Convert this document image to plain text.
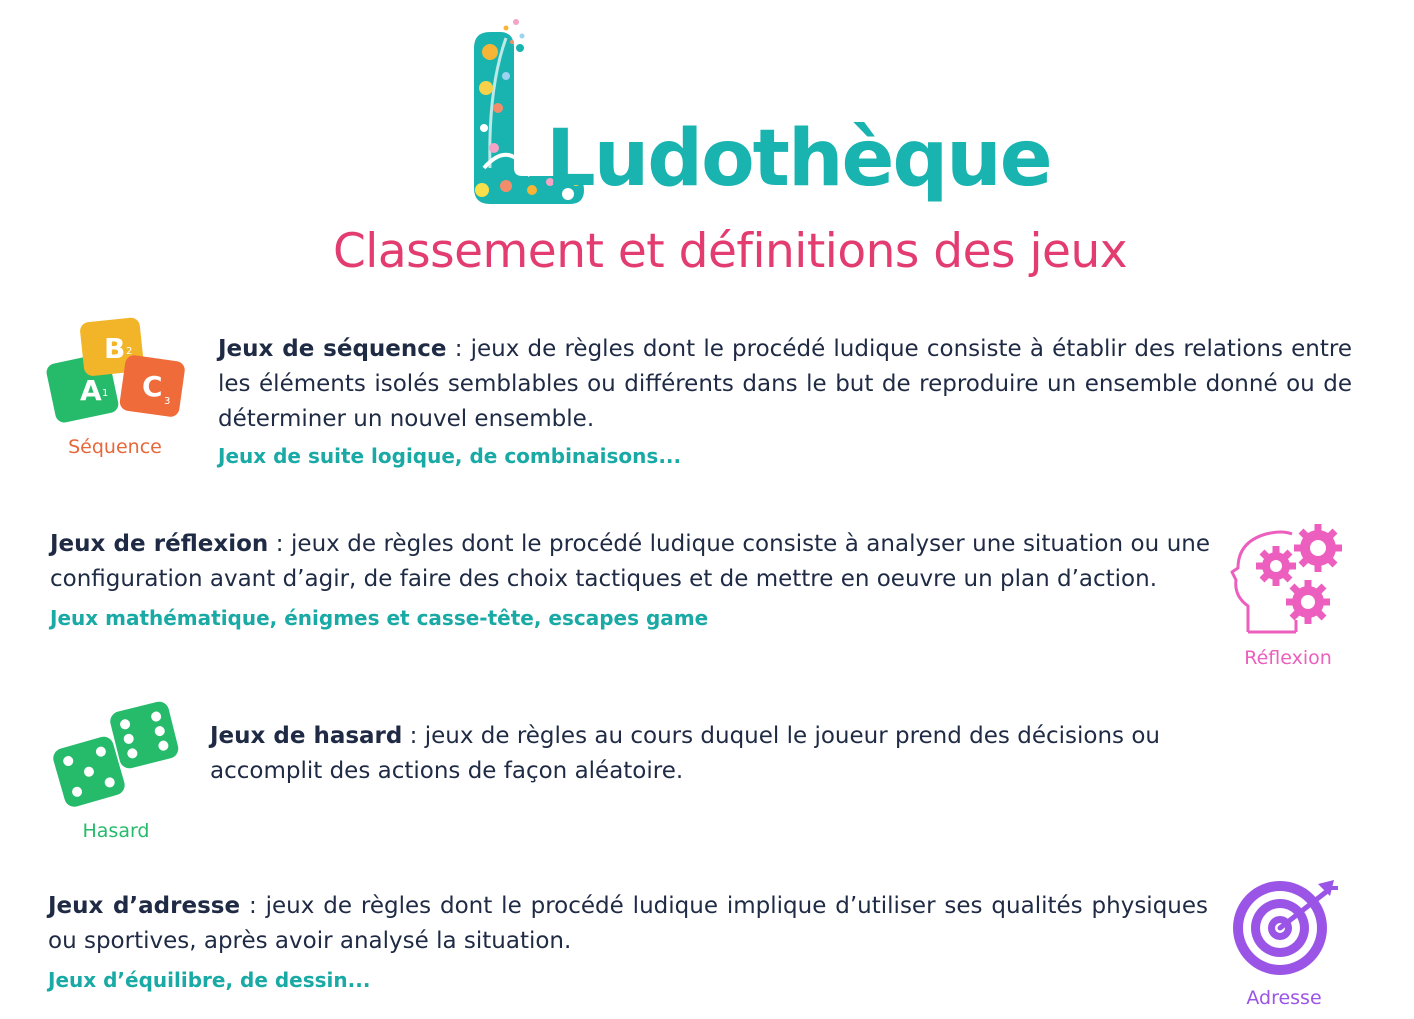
Ludothèque
Classement et définitions des jeux
A 1
B 2
C 3
Séquence

Jeux de séquence : jeux de règles dont le procédé ludique consiste à établir des relations entre les éléments isolés semblables ou différents dans le but de reproduire un ensemble donné ou de déterminer un nouvel ensemble.

Jeux de suite logique, de combinaisons...

Jeux de réflexion : jeux de règles dont le procédé ludique consiste à analyser une situation ou une configuration avant d’agir, de faire des choix tactiques et de mettre en oeuvre un plan d’action.

Jeux mathématique, énigmes et casse-tête, escapes game

Réflexion
Hasard

Jeux de hasard : jeux de règles au cours duquel le joueur prend des décisions ou accomplit des actions de façon aléatoire.

Jeux d’adresse : jeux de règles dont le procédé ludique implique d’utiliser ses qualités physiques ou sportives, après avoir analysé la situation.

Jeux d’équilibre, de dessin...

Adresse
